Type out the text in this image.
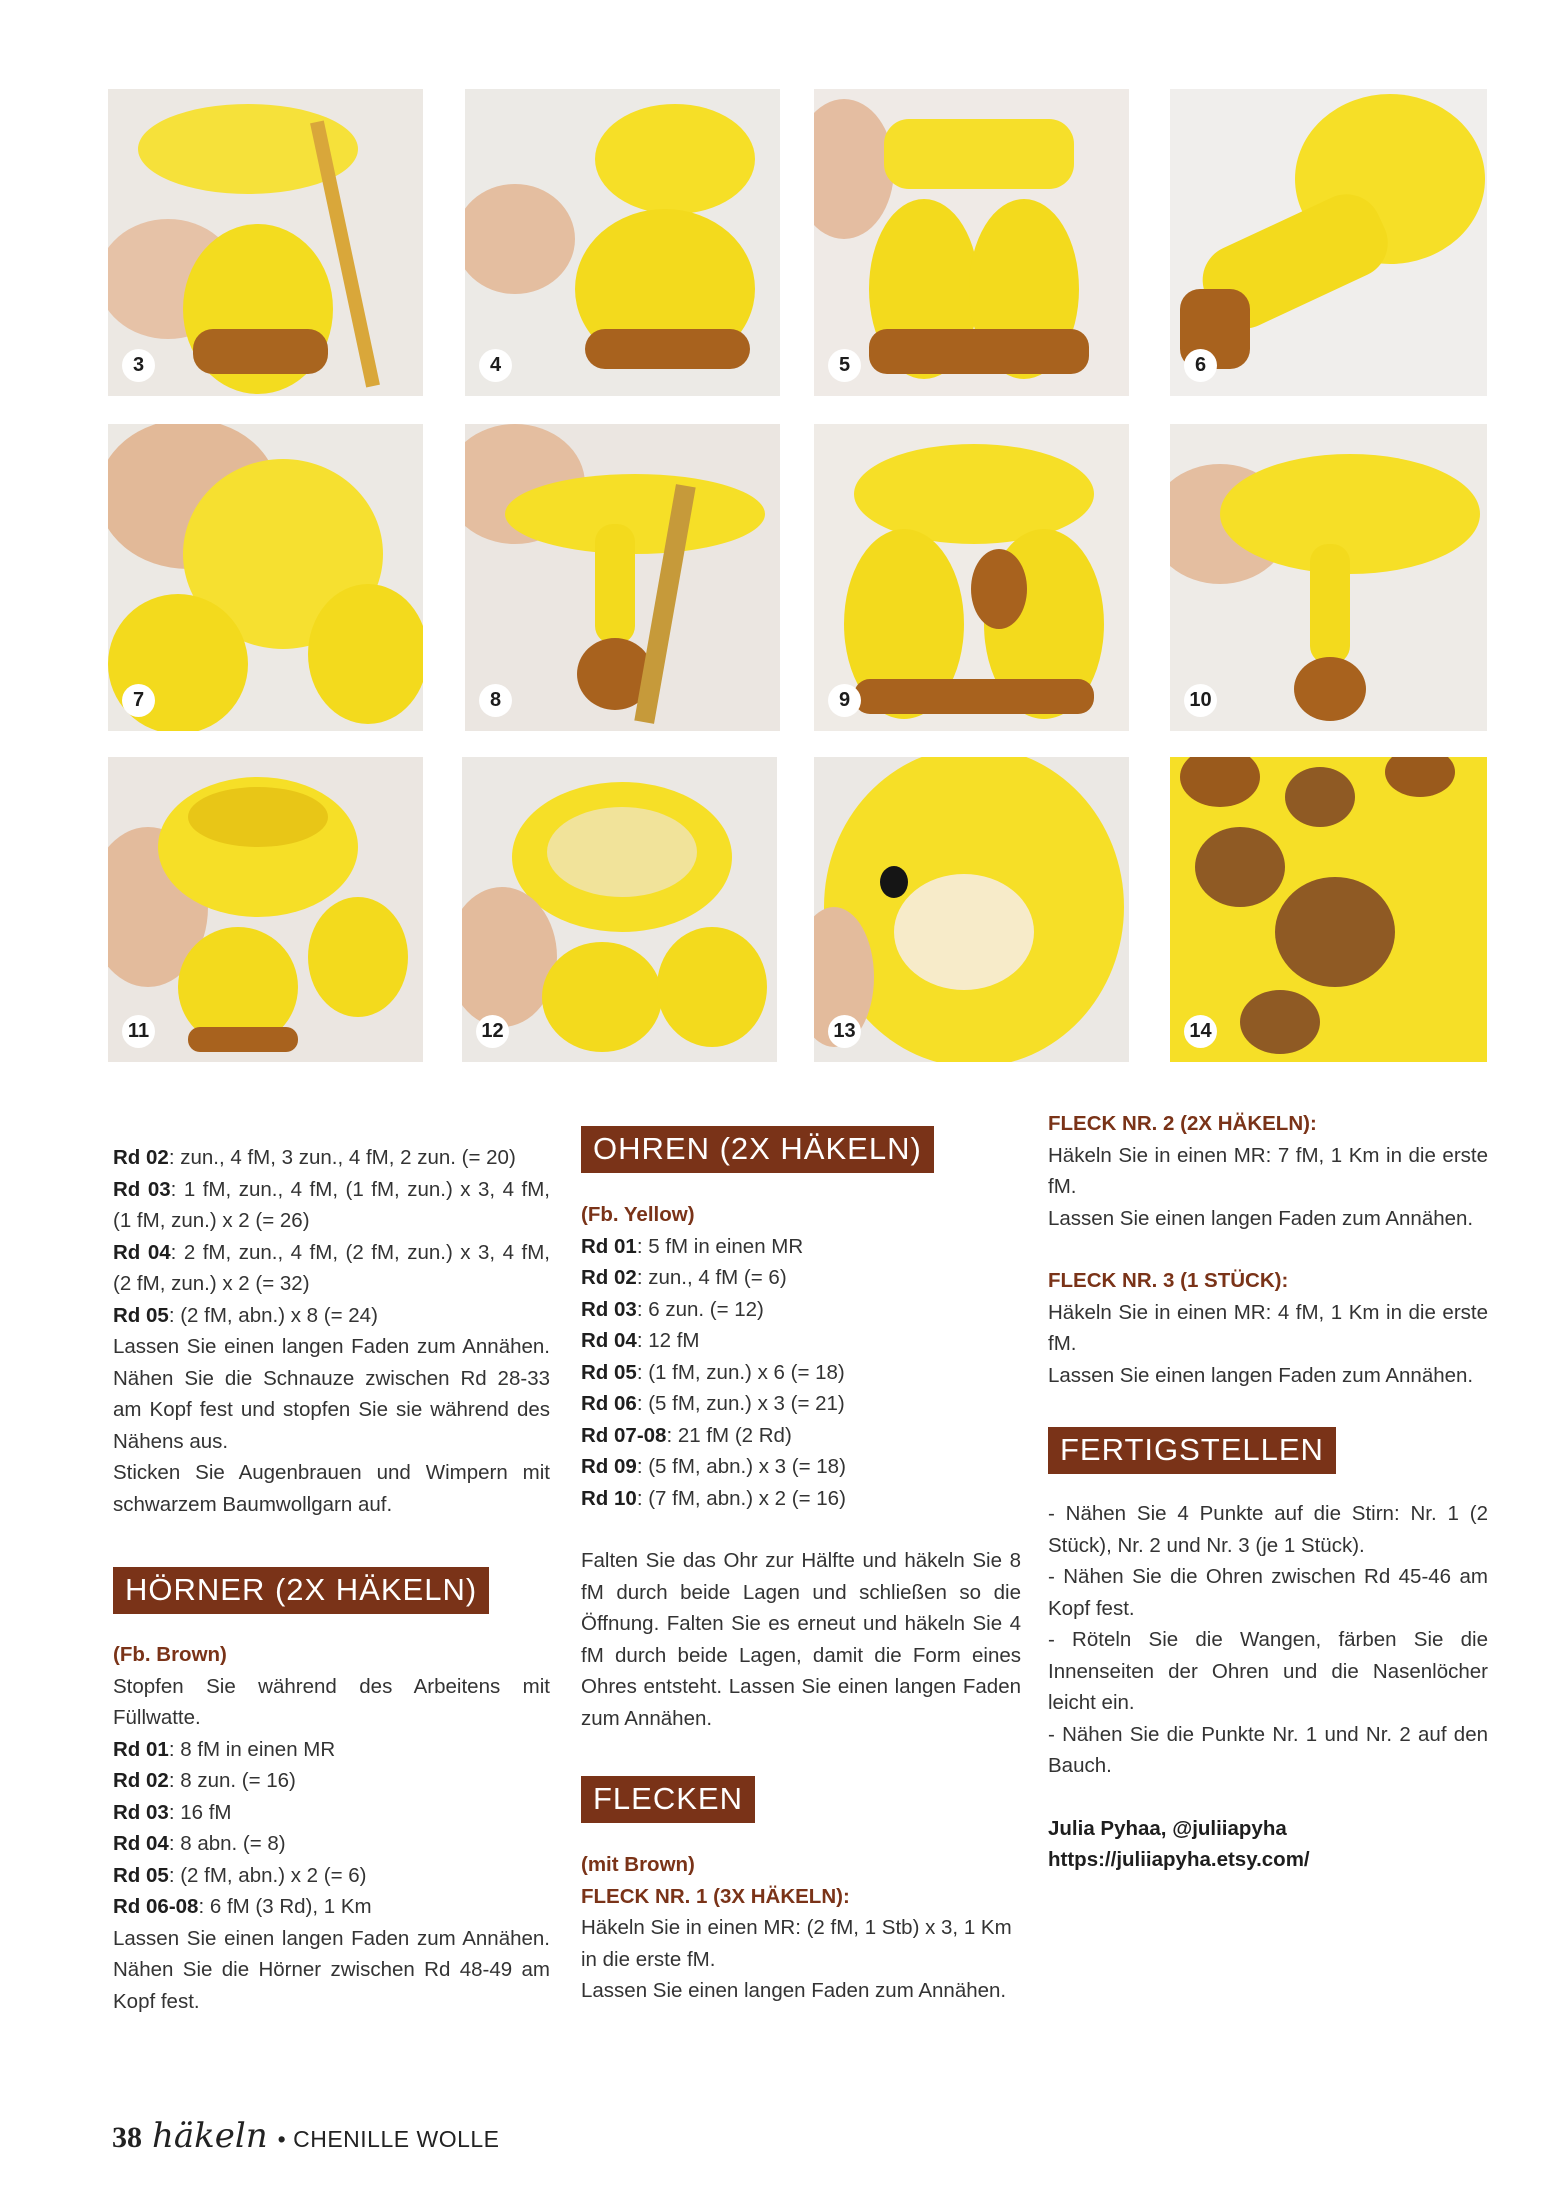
3	4	5	6
7	8	9	10
11	12	13	14

Rd 02: zun., 4 fM, 3 zun., 4 fM, 2 zun. (= 20)

Rd 03: 1 fM, zun., 4 fM, (1 fM, zun.) x 3, 4 fM, (1 fM, zun.) x 2 (= 26)

Rd 04: 2 fM, zun., 4 fM, (2 fM, zun.) x 3, 4 fM, (2 fM, zun.) x 2 (= 32)

Rd 05: (2 fM, abn.) x 8 (= 24)

Lassen Sie einen langen Faden zum Annähen. Nähen Sie die Schnauze zwischen Rd 28-33 am Kopf fest und stopfen Sie sie während des Nähens aus.

Sticken Sie Augenbrauen und Wimpern mit schwarzem Baumwollgarn auf.

HÖRNER (2X HÄKELN)

(Fb. Brown)

Stopfen Sie während des Arbeitens mit Füllwatte.

Rd 01: 8 fM in einen MR

Rd 02: 8 zun. (= 16)

Rd 03: 16 fM

Rd 04: 8 abn. (= 8)

Rd 05: (2 fM, abn.) x 2 (= 6)

Rd 06-08: 6 fM (3 Rd), 1 Km

Lassen Sie einen langen Faden zum Annähen. Nähen Sie die Hörner zwischen Rd 48-49 am Kopf fest.

OHREN (2X HÄKELN)

(Fb. Yellow)

Rd 01: 5 fM in einen MR

Rd 02: zun., 4 fM (= 6)

Rd 03: 6 zun. (= 12)

Rd 04: 12 fM

Rd 05: (1 fM, zun.) x 6 (= 18)

Rd 06: (5 fM, zun.) x 3 (= 21)

Rd 07-08: 21 fM (2 Rd)

Rd 09: (5 fM, abn.) x 3 (= 18)

Rd 10: (7 fM, abn.) x 2 (= 16)

Falten Sie das Ohr zur Hälfte und häkeln Sie 8 fM durch beide Lagen und schließen so die Öffnung. Falten Sie es erneut und häkeln Sie 4 fM durch beide Lagen, damit die Form eines Ohres entsteht. Lassen Sie einen langen Faden zum Annähen.

FLECKEN

(mit Brown)

FLECK NR. 1 (3X HÄKELN):

Häkeln Sie in einen MR: (2 fM, 1 Stb) x 3, 1 Km in die erste fM.

Lassen Sie einen langen Faden zum Annähen.

FLECK NR. 2 (2X HÄKELN):

Häkeln Sie in einen MR: 7 fM, 1 Km in die erste fM.

Lassen Sie einen langen Faden zum Annähen.

FLECK NR. 3 (1 STÜCK):

Häkeln Sie in einen MR: 4 fM, 1 Km in die erste fM.

Lassen Sie einen langen Faden zum Annähen.

FERTIGSTELLEN

- Nähen Sie 4 Punkte auf die Stirn: Nr. 1 (2 Stück), Nr. 2 und Nr. 3 (je 1 Stück).

- Nähen Sie die Ohren zwischen Rd 45-46 am Kopf fest.

- Röteln Sie die Wangen, färben Sie die Innenseiten der Ohren und die Nasenlöcher leicht ein.

- Nähen Sie die Punkte Nr. 1 und Nr. 2 auf den Bauch.

Julia Pyhaa, @juliiapyha

https://juliiapyha.etsy.com/

38 häkeln • CHENILLE WOLLE
